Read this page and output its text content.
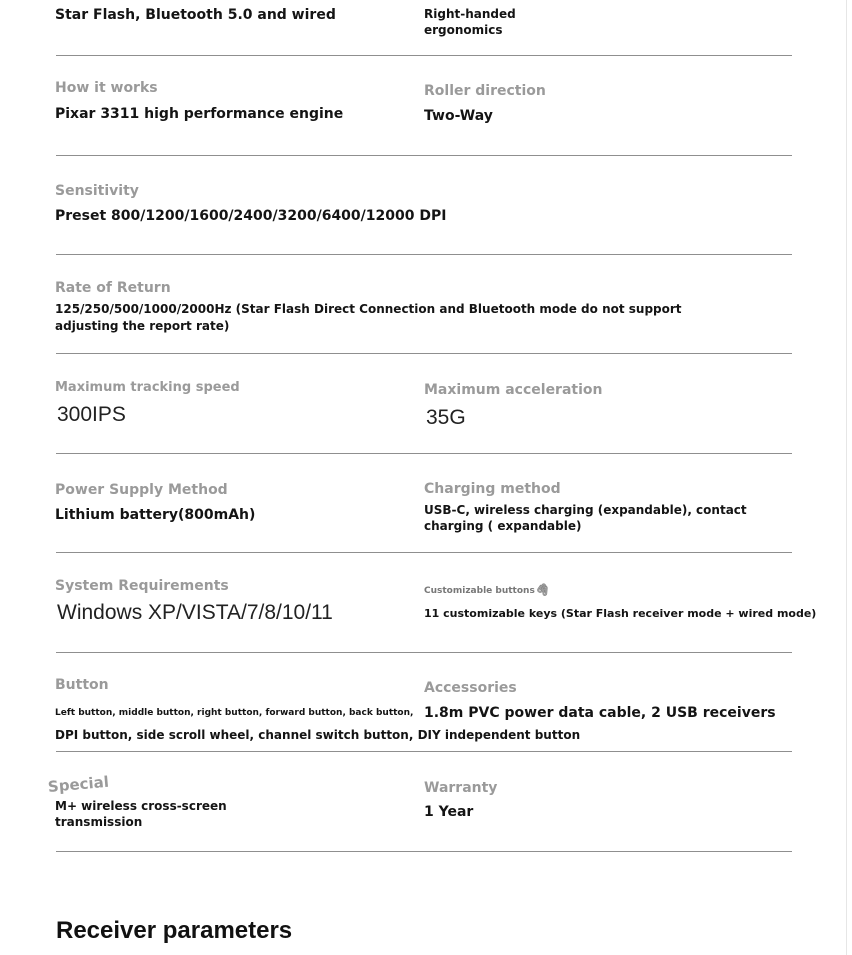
Star Flash, Bluetooth 5.0 and wired	Right-handed ergonomics
How it works
Pixar 3311 high performance engine
Roller direction
Two-Way
Sensitivity
Preset 800/1200/1600/2400/3200/6400/12000 DPI
Rate of Return
125/250/500/1000/2000Hz (Star Flash Direct Connection and Bluetooth mode do not support adjusting the report rate)
Maximum tracking speed
300IPS
Maximum acceleration
35G
Power Supply Method
Lithium battery(800mAh)
Charging method
USB-C, wireless charging (expandable), contact charging ( expandable)
System Requirements
Windows XP/VISTA/7/8/10/11
Customizable buttons🖇
11 customizable keys (Star Flash receiver mode + wired mode)
Button
Left button, middle button, right button, forward button, back button,
DPI button, side scroll wheel, channel switch button, DIY independent button
Accessories
1.8m PVC power data cable, 2 USB receivers
Special
M+ wireless cross-screen transmission
Warranty
1 Year
Receiver parameters
